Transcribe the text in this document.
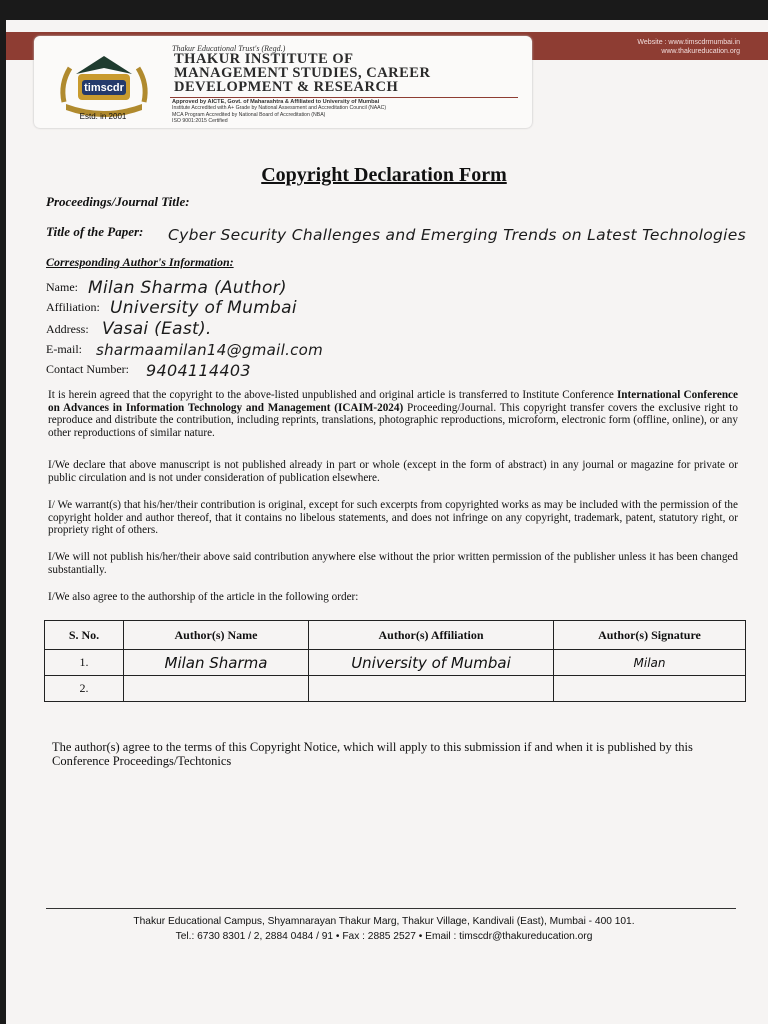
Website : www.timscdrmumbai.in
www.thakureducation.org
timscdr
Estd. in 2001
Thakur Educational Trust's (Regd.)
THAKUR INSTITUTE OF
MANAGEMENT STUDIES, CAREER
DEVELOPMENT & RESEARCH
Approved by AICTE, Govt. of Maharashtra & Affiliated to University of Mumbai
Institute Accredited with A+ Grade by National Assessment and Accreditation Council (NAAC)
MCA Program Accredited by National Board of Accreditation (NBA)
ISO 9001:2015 Certified
Copyright Declaration Form
Proceedings/Journal Title:
Title of the Paper: Cyber Security Challenges and Emerging Trends on Latest Technologies
Corresponding Author's Information:
Name: Milan Sharma (Author)
Affiliation: University of Mumbai
Address: Vasai (East).
E-mail: sharmaamilan14@gmail.com
Contact Number: 9404114403
It is herein agreed that the copyright to the above-listed unpublished and original article is transferred to Institute Conference International Conference on Advances in Information Technology and Management (ICAIM-2024) Proceeding/Journal. This copyright transfer covers the exclusive right to reproduce and distribute the contribution, including reprints, translations, photographic reproductions, microform, electronic form (offline, online), or any other reproductions of similar nature.
I/We declare that above manuscript is not published already in part or whole (except in the form of abstract) in any journal or magazine for private or public circulation and is not under consideration of publication elsewhere.
I/ We warrant(s) that his/her/their contribution is original, except for such excerpts from copyrighted works as may be included with the permission of the copyright holder and author thereof, that it contains no libelous statements, and does not infringe on any copyright, trademark, patent, statutory right, or propriety right of others.
I/We will not publish his/her/their above said contribution anywhere else without the prior written permission of the publisher unless it has been changed substantially.
I/We also agree to the authorship of the article in the following order:
S. No.	Author(s) Name	Author(s) Affiliation	Author(s) Signature
1.	Milan Sharma	University of Mumbai	Milan
2.			
The author(s) agree to the terms of this Copyright Notice, which will apply to this submission if and when it is published by this Conference Proceedings/Techtonics
Thakur Educational Campus, Shyamnarayan Thakur Marg, Thakur Village, Kandivali (East), Mumbai - 400 101.
Tel.: 6730 8301 / 2, 2884 0484 / 91 • Fax : 2885 2527 • Email : timscdr@thakureducation.org
